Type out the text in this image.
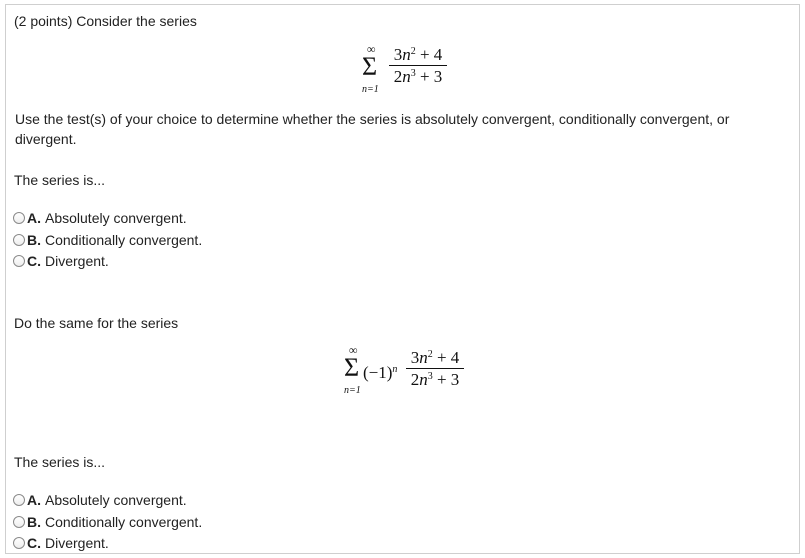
(2 points) Consider the series
∞
Σ
n=1
$3n^2 + 4$
$2n^3 + 3$
Use the test(s) of your choice to determine whether the series is absolutely convergent, conditionally convergent, or divergent.
The series is...
A. Absolutely convergent.
B. Conditionally convergent.
C. Divergent.
Do the same for the series
∞
Σ
n=1
$(-1)^n$
$3n^2 + 4$
$2n^3 + 3$
The series is...
A. Absolutely convergent.
B. Conditionally convergent.
C. Divergent.
